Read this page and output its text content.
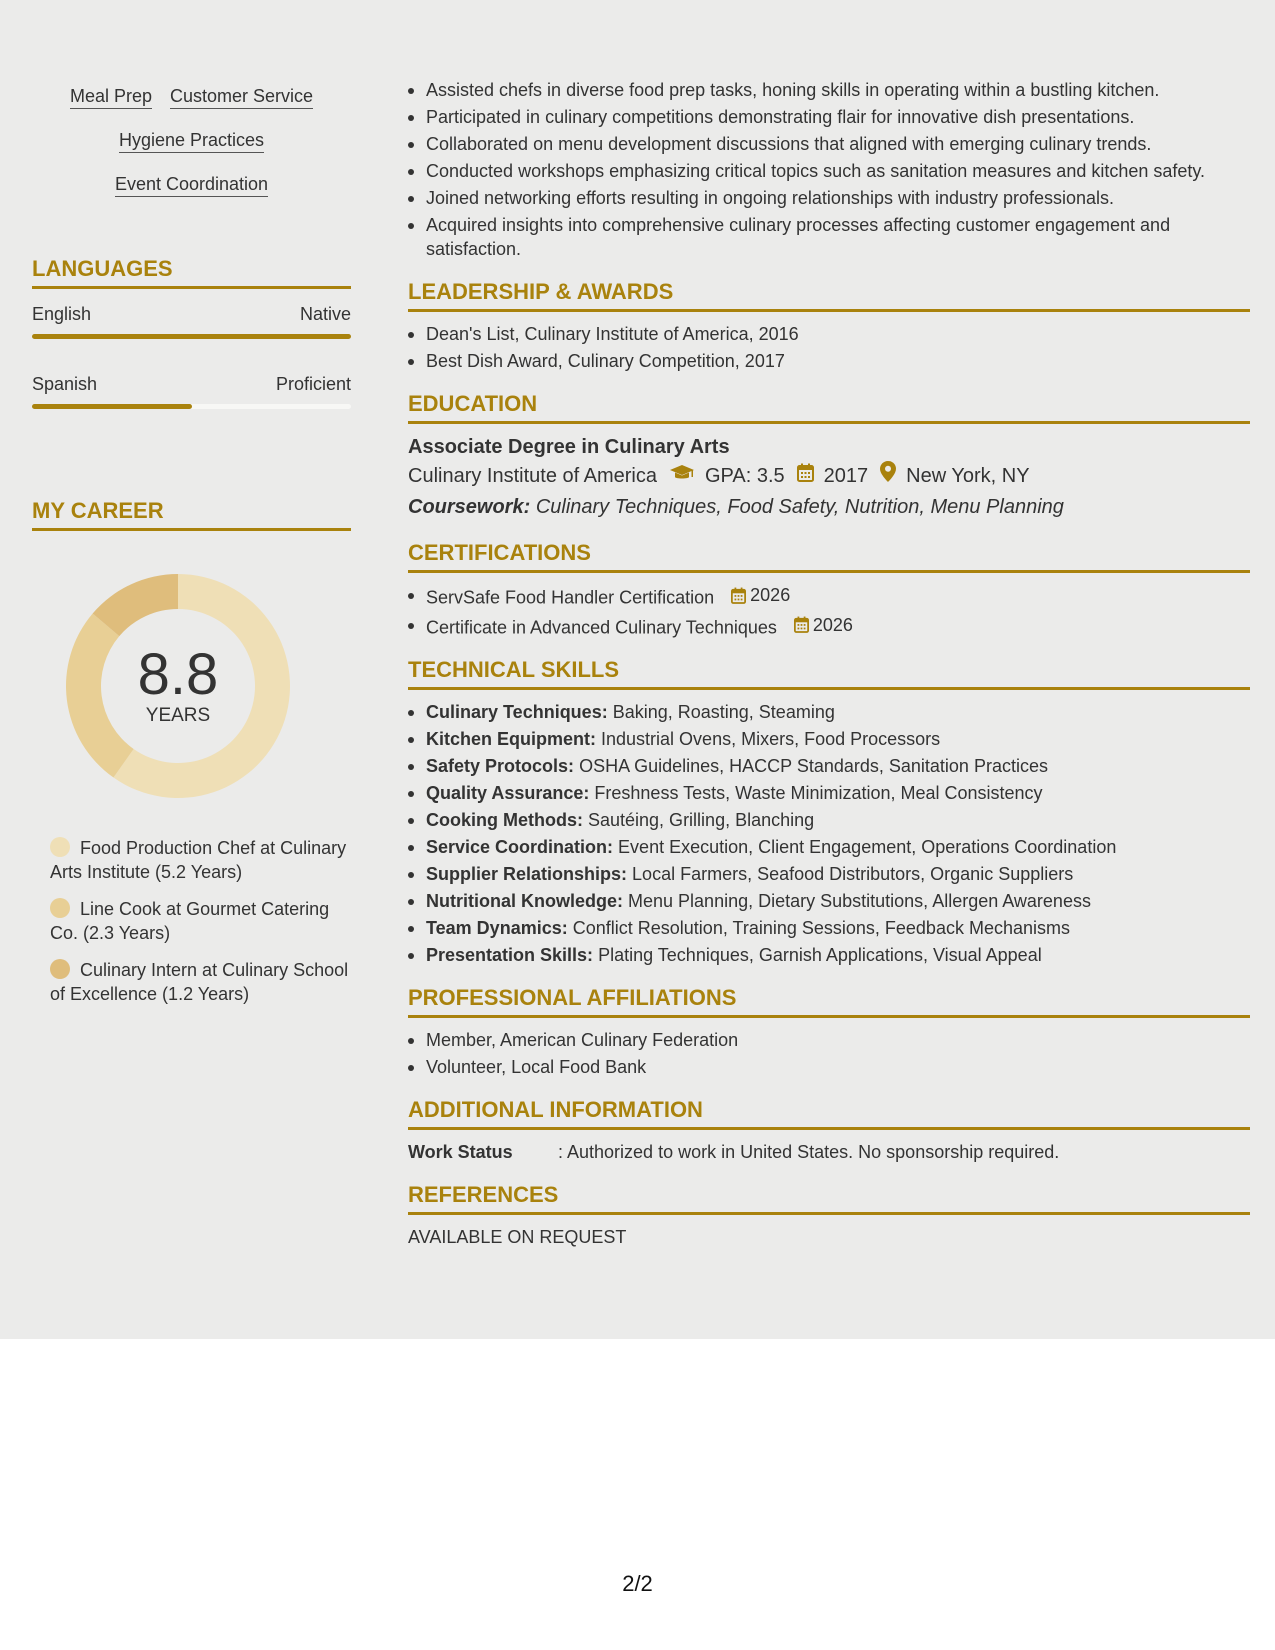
Meal Prep Customer Service
Hygiene Practices
Event Coordination
LANGUAGES
English	Native
Spanish	Proficient
MY CAREER
8.8
YEARS
Food Production Chef at Culinary Arts Institute (5.2 Years)
Line Cook at Gourmet Catering Co. (2.3 Years)
Culinary Intern at Culinary School of Excellence (1.2 Years)
Assisted chefs in diverse food prep tasks, honing skills in operating within a bustling kitchen.
Participated in culinary competitions demonstrating flair for innovative dish presentations.
Collaborated on menu development discussions that aligned with emerging culinary trends.
Conducted workshops emphasizing critical topics such as sanitation measures and kitchen safety.
Joined networking efforts resulting in ongoing relationships with industry professionals.
Acquired insights into comprehensive culinary processes affecting customer engagement and satisfaction.
LEADERSHIP & AWARDS
Dean's List, Culinary Institute of America, 2016
Best Dish Award, Culinary Competition, 2017
EDUCATION
Associate Degree in Culinary Arts
Culinary Institute of America GPA: 3.5 2017 New York, NY
Coursework: Culinary Techniques, Food Safety, Nutrition, Menu Planning
CERTIFICATIONS
ServSafe Food Handler Certification 2026
Certificate in Advanced Culinary Techniques 2026
TECHNICAL SKILLS
Culinary Techniques: Baking, Roasting, Steaming
Kitchen Equipment: Industrial Ovens, Mixers, Food Processors
Safety Protocols: OSHA Guidelines, HACCP Standards, Sanitation Practices
Quality Assurance: Freshness Tests, Waste Minimization, Meal Consistency
Cooking Methods: Sautéing, Grilling, Blanching
Service Coordination: Event Execution, Client Engagement, Operations Coordination
Supplier Relationships: Local Farmers, Seafood Distributors, Organic Suppliers
Nutritional Knowledge: Menu Planning, Dietary Substitutions, Allergen Awareness
Team Dynamics: Conflict Resolution, Training Sessions, Feedback Mechanisms
Presentation Skills: Plating Techniques, Garnish Applications, Visual Appeal
PROFESSIONAL AFFILIATIONS
Member, American Culinary Federation
Volunteer, Local Food Bank
ADDITIONAL INFORMATION
Work Status	: Authorized to work in United States. No sponsorship required.
REFERENCES
AVAILABLE ON REQUEST
2/2
